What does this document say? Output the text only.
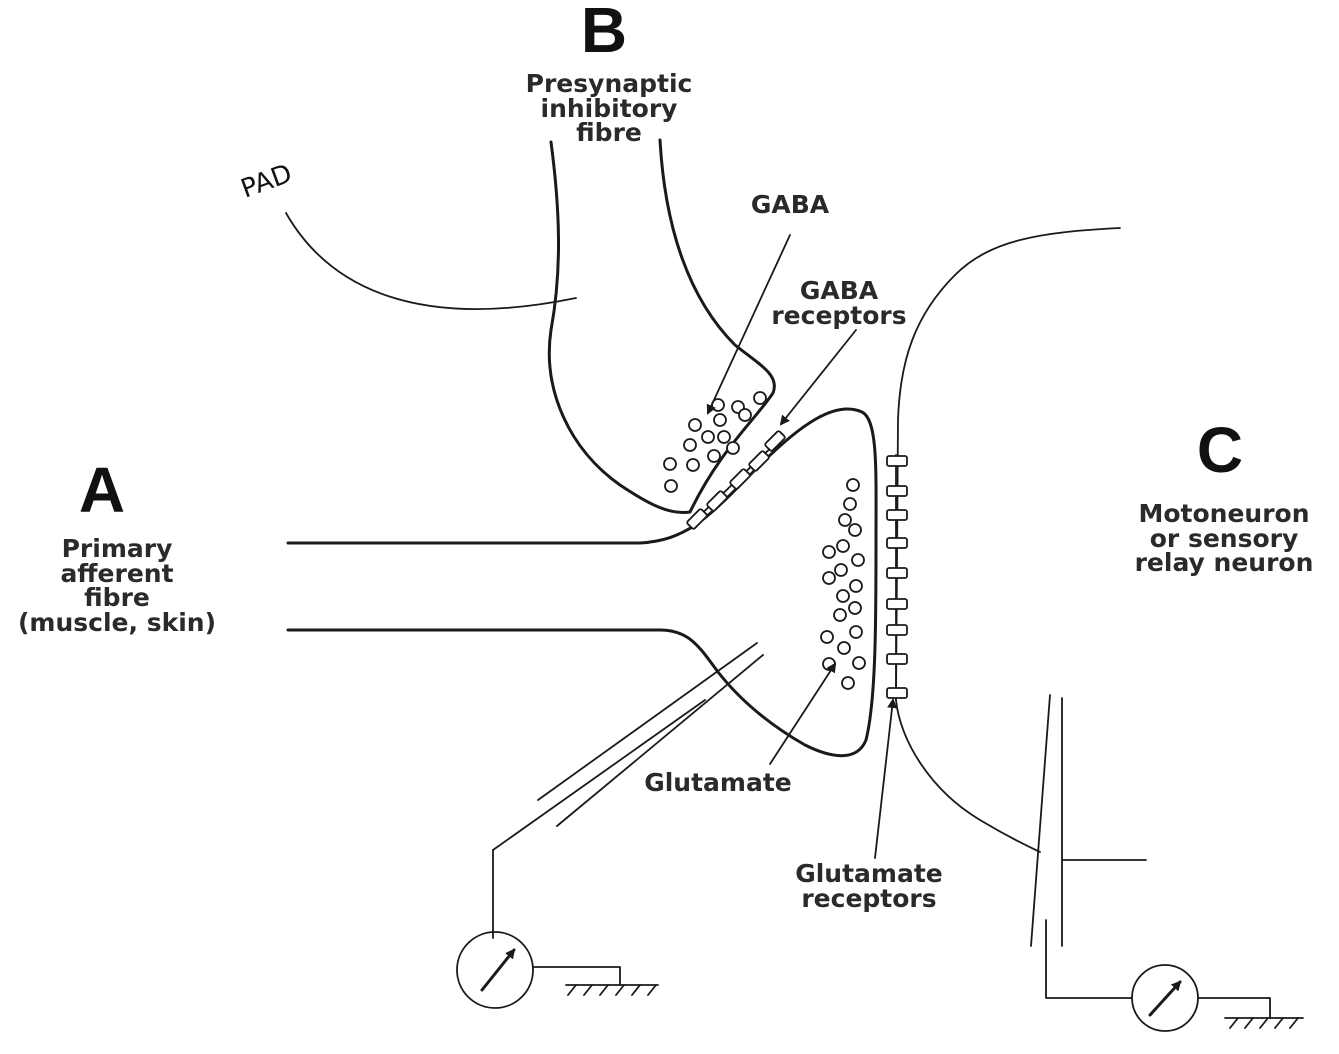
B
A
C
Presynaptic
inhibitory
fibre
Primary
afferent
fibre
(muscle, skin)
Motoneuron
or sensory
relay neuron
GABA
GABA
receptors
Glutamate
Glutamate
receptors
PAD
